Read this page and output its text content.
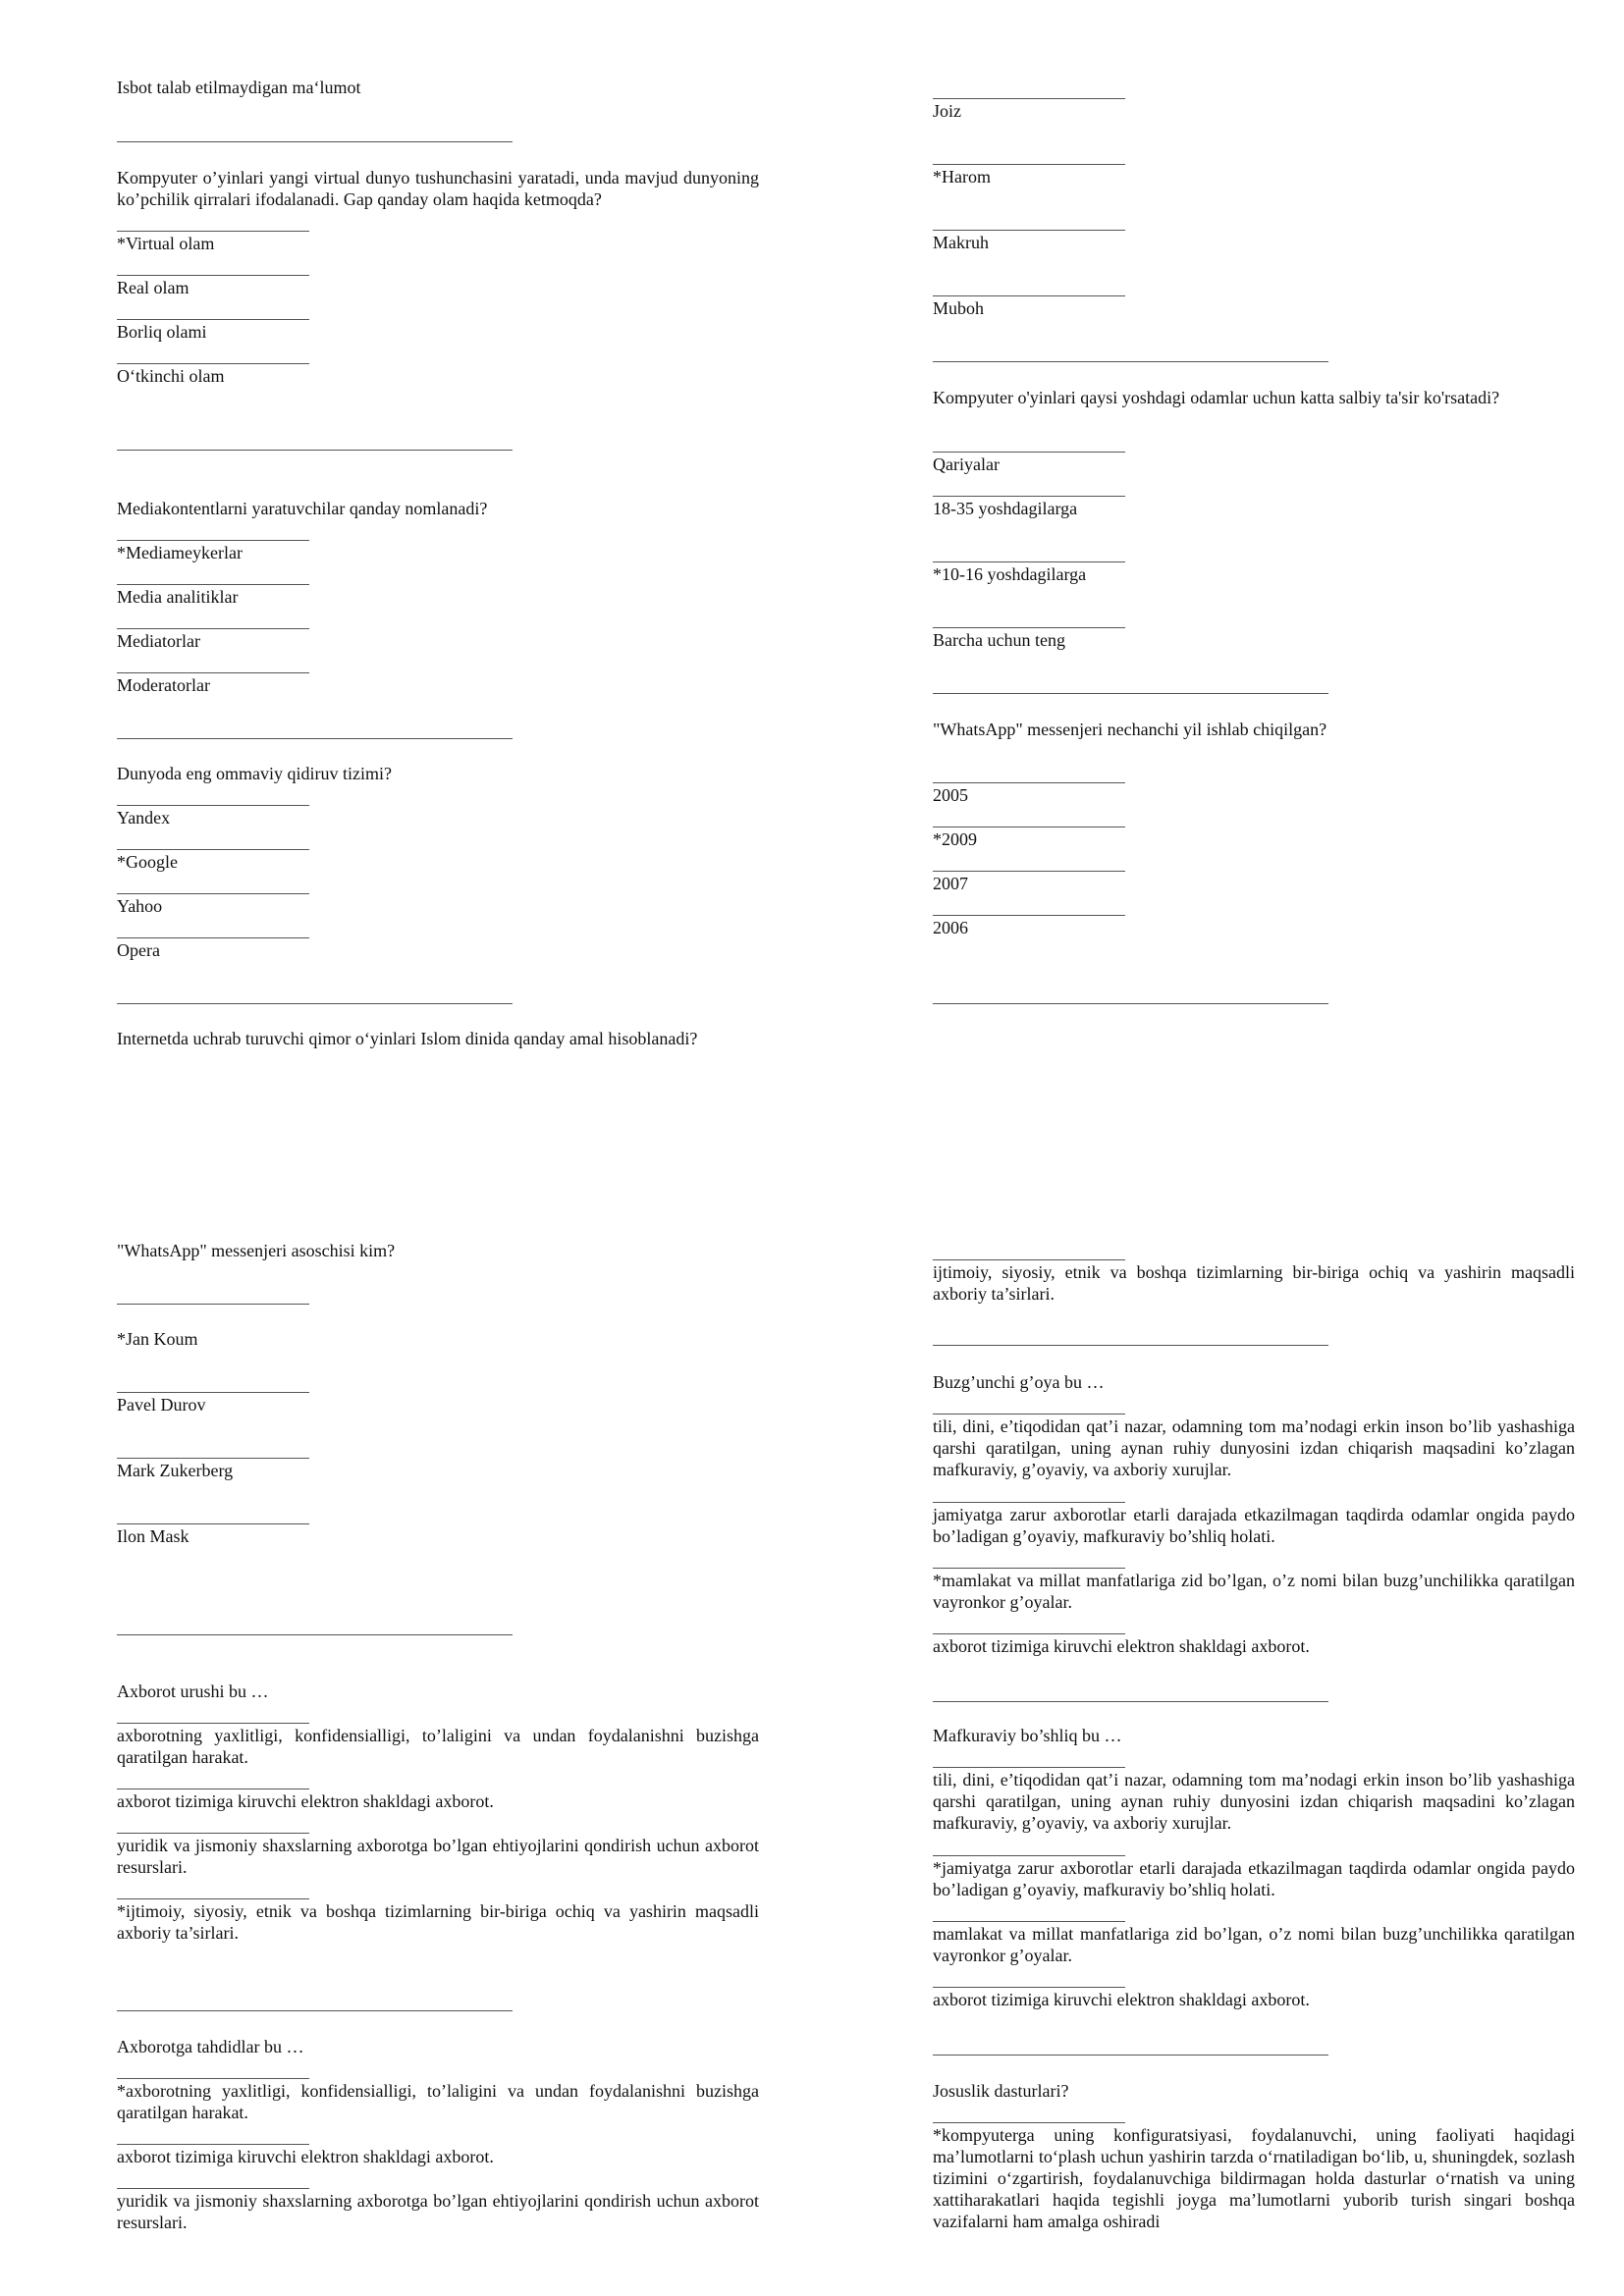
Isbot talab etilmaydigan ma‘lumot
Kompyuter o’yinlari yangi virtual dunyo tushunchasini yaratadi, unda mavjud dunyoning ko’pchilik qirralari ifodalanadi. Gap qanday olam haqida ketmoqda?
*Virtual olam
Real olam
Borliq olami
O‘tkinchi olam
Mediakontentlarni yaratuvchilar qanday nomlanadi?
*Mediameykerlar
Media analitiklar
Mediatorlar
Moderatorlar
Dunyoda eng ommaviy qidiruv tizimi?
Yandex
*Google
Yahoo
Opera
Internetda uchrab turuvchi qimor o‘yinlari Islom dinida qanday amal hisoblanadi?
Joiz
*Harom
Makruh
Muboh
Kompyuter o'yinlari qaysi yoshdagi odamlar uchun katta salbiy ta'sir ko'rsatadi?
Qariyalar
18-35 yoshdagilarga
*10-16 yoshdagilarga
Barcha uchun teng
"WhatsApp" messenjeri nechanchi yil ishlab chiqilgan?
2005
*2009
2007
2006
"WhatsApp" messenjeri asoschisi kim?
*Jan Koum
Pavel Durov
Mark Zukerberg
Ilon Mask
Axborot urushi bu …
axborotning yaxlitligi, konfidensialligi, to’laligini va undan foydalanishni buzishga qaratilgan harakat.
axborot tizimiga kiruvchi elektron shakldagi axborot.
yuridik va jismoniy shaxslarning axborotga bo’lgan ehtiyojlarini qondirish uchun axborot resurslari.
*ijtimoiy, siyosiy, etnik va boshqa tizimlarning bir-biriga ochiq va yashirin maqsadli axboriy ta’sirlari.
Axborotga tahdidlar bu …
*axborotning yaxlitligi, konfidensialligi, to’laligini va undan foydalanishni buzishga qaratilgan harakat.
axborot tizimiga kiruvchi elektron shakldagi axborot.
yuridik va jismoniy shaxslarning axborotga bo’lgan ehtiyojlarini qondirish uchun axborot resurslari.
ijtimoiy, siyosiy, etnik va boshqa tizimlarning bir-biriga ochiq va yashirin maqsadli axboriy ta’sirlari.
Buzg’unchi g’oya bu …
tili, dini, e’tiqodidan qat’i nazar, odamning tom ma’nodagi erkin inson bo’lib yashashiga qarshi qaratilgan, uning aynan ruhiy dunyosini izdan chiqarish maqsadini ko’zlagan mafkuraviy, g’oyaviy, va axboriy xurujlar.
jamiyatga zarur axborotlar etarli darajada etkazilmagan taqdirda odamlar ongida paydo bo’ladigan g’oyaviy, mafkuraviy bo’shliq holati.
*mamlakat va millat manfatlariga zid bo’lgan, o’z nomi bilan buzg’unchilikka qaratilgan vayronkor g’oyalar.
axborot tizimiga kiruvchi elektron shakldagi axborot.
Mafkuraviy bo’shliq bu …
tili, dini, e’tiqodidan qat’i nazar, odamning tom ma’nodagi erkin inson bo’lib yashashiga qarshi qaratilgan, uning aynan ruhiy dunyosini izdan chiqarish maqsadini ko’zlagan mafkuraviy, g’oyaviy, va axboriy xurujlar.
*jamiyatga zarur axborotlar etarli darajada etkazilmagan taqdirda odamlar ongida paydo bo’ladigan g’oyaviy, mafkuraviy bo’shliq holati.
mamlakat va millat manfatlariga zid bo’lgan, o’z nomi bilan buzg’unchilikka qaratilgan vayronkor g’oyalar.
axborot tizimiga kiruvchi elektron shakldagi axborot.
Josuslik dasturlari?
*kompyuterga uning konfiguratsiyasi, foydalanuvchi, uning faoliyati haqidagi ma’lumotlarni to‘plash uchun yashirin tarzda o‘rnatiladigan bo‘lib, u, shuningdek, sozlash tizimini o‘zgartirish, foydalanuvchiga bildirmagan holda dasturlar o‘rnatish va uning xattiharakatlari haqida tegishli joyga ma’lumotlarni yuborib turish singari boshqa vazifalarni ham amalga oshiradi
